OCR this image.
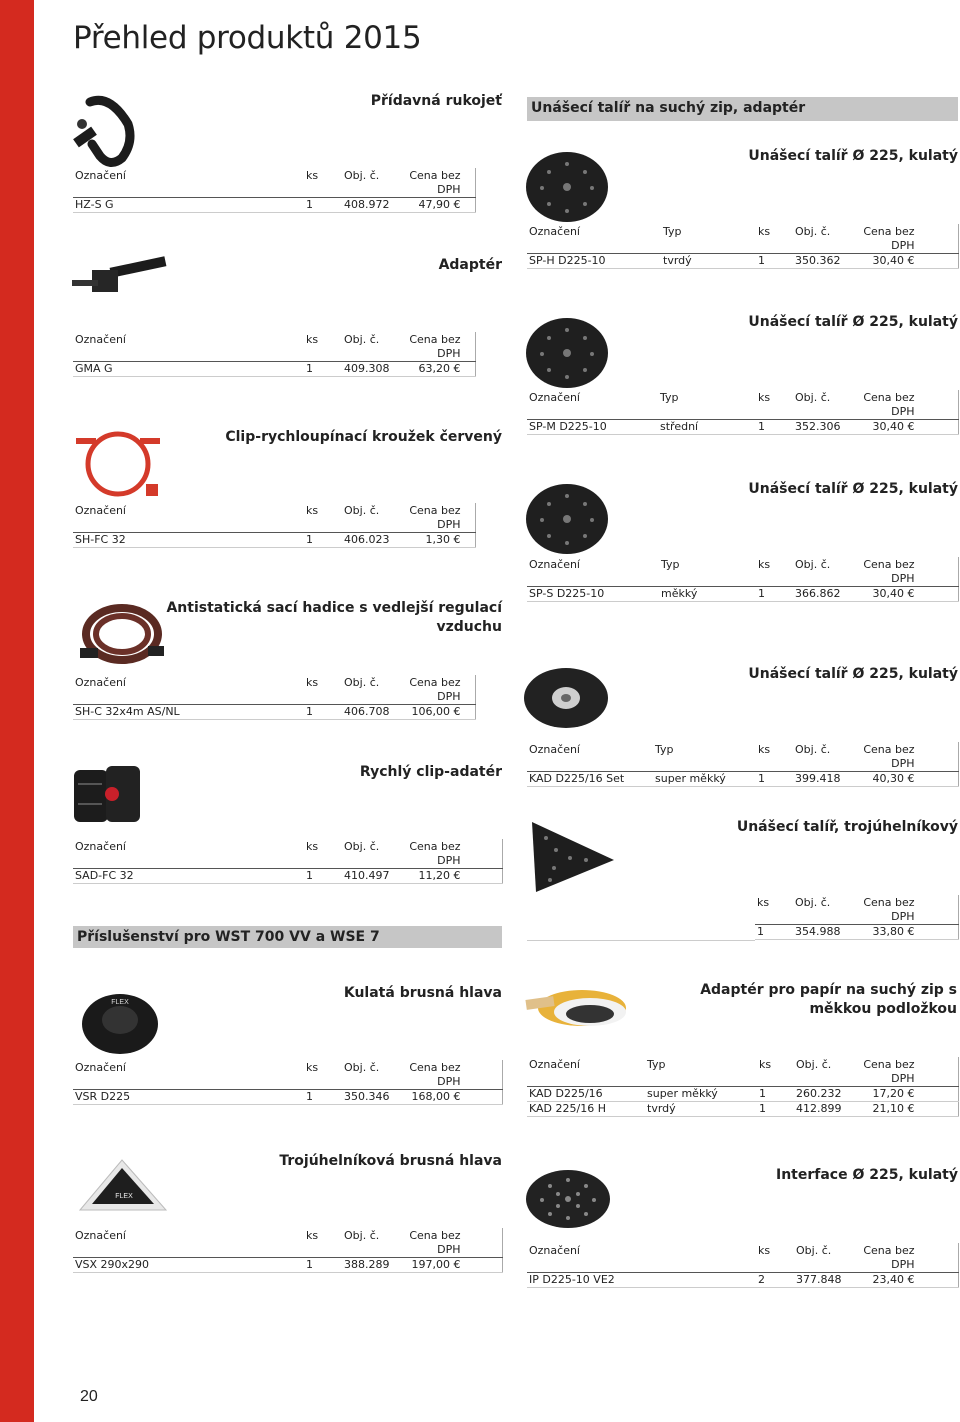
Přehled produktů 2015
20
Unášecí talíř na suchý zip, adaptér
Příslušenství pro WST 700 VV a WSE 7
Přídavná rukojeť
Označení	ks	Obj. č.	Cena bez
DPH
HZ-S G	1	408.972	47,90 €
Adaptér
Označení	ks	Obj. č.	Cena bez
DPH
GMA G	1	409.308	63,20 €
Clip-rychloupínací kroužek červený
Označení	ks	Obj. č.	Cena bez
DPH
SH-FC 32	1	406.023	1,30 €
Antistatická sací hadice s vedlejší regulací vzduchu
Označení	ks	Obj. č.	Cena bez
DPH
SH-C 32x4m AS/NL	1	406.708	106,00 €
Rychlý clip-adatér
Označení	ks	Obj. č.	Cena bez
DPH
SAD-FC 32	1	410.497	11,20 €
Kulatá brusná hlava
FLEX
Označení	ks	Obj. č.	Cena bez
DPH
VSR D225	1	350.346	168,00 €
Trojúhelníková brusná hlava
FLEX
Označení	ks	Obj. č.	Cena bez
DPH
VSX 290x290	1	388.289	197,00 €
Unášecí talíř Ø 225, kulatý
Označení	Typ	ks	Obj. č.	Cena bez
DPH
SP-H D225-10	tvrdý	1	350.362	30,40 €
Unášecí talíř Ø 225, kulatý
Označení	Typ	ks	Obj. č.	Cena bez
DPH
SP-M D225-10	střední	1	352.306	30,40 €
Unášecí talíř Ø 225, kulatý
Označení	Typ	ks	Obj. č.	Cena bez
DPH
SP-S D225-10	měkký	1	366.862	30,40 €
Unášecí talíř Ø 225, kulatý
Označení	Typ	ks	Obj. č.	Cena bez
DPH
KAD D225/16 Set	super měkký	1	399.418	40,30 €
Unášecí talíř, trojúhelníkový
ks	Obj. č.	Cena bez
DPH
1	354.988	33,80 €
Adaptér pro papír na suchý zip s měkkou podložkou
Označení	Typ	ks	Obj. č.	Cena bez
DPH
KAD D225/16	super měkký	1	260.232	17,20 €
KAD 225/16 H	tvrdý	1	412.899	21,10 €
Interface Ø 225, kulatý
Označení	ks	Obj. č.	Cena bez
DPH
IP D225-10 VE2	2	377.848	23,40 €
